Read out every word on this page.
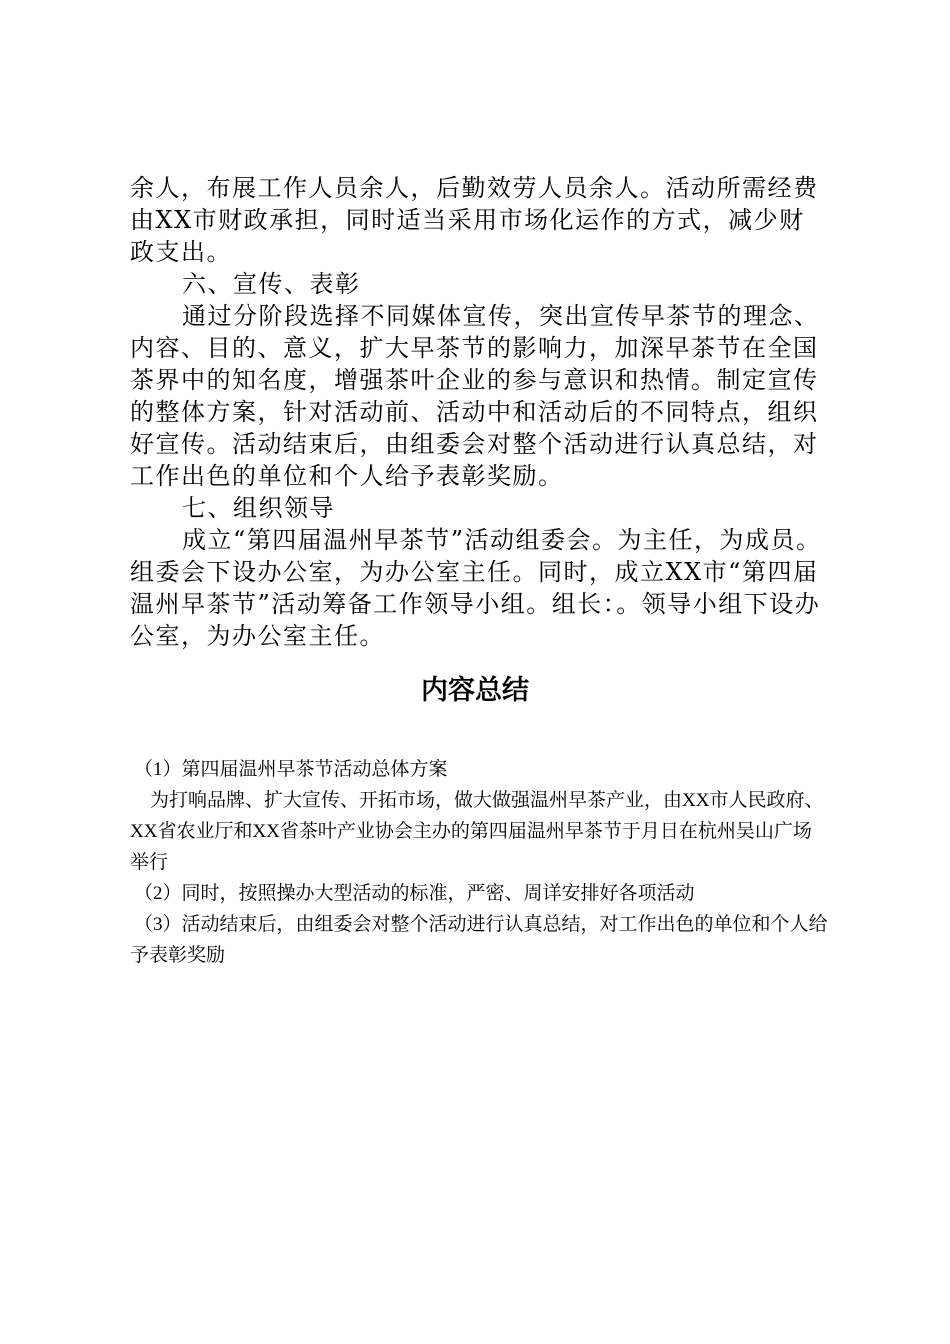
余人，布展工作人员余人，后勤效劳人员余人。活动所需经费由XX市财政承担，同时适当采用市场化运作的方式，减少财政支出。

六、宣传、表彰

通过分阶段选择不同媒体宣传，突出宣传早茶节的理念、内容、目的、意义，扩大早茶节的影响力，加深早茶节在全国茶界中的知名度，增强茶叶企业的参与意识和热情。制定宣传的整体方案，针对活动前、活动中和活动后的不同特点，组织好宣传。活动结束后，由组委会对整个活动进行认真总结，对工作出色的单位和个人给予表彰奖励。

七、组织领导

成立“第四届温州早茶节”活动组委会。为主任，为成员。组委会下设办公室，为办公室主任。同时，成立XX市“第四届温州早茶节”活动筹备工作领导小组。组长：。领导小组下设办公室，为办公室主任。

内容总结

（1）第四届温州早茶节活动总体方案

为打响品牌、扩大宣传、开拓市场，做大做强温州早茶产业，由XX市人民政府、XX省农业厅和XX省茶叶产业协会主办的第四届温州早茶节于月日在杭州吴山广场举行

（2）同时，按照操办大型活动的标准，严密、周详安排好各项活动

（3）活动结束后，由组委会对整个活动进行认真总结，对工作出色的单位和个人给予表彰奖励
